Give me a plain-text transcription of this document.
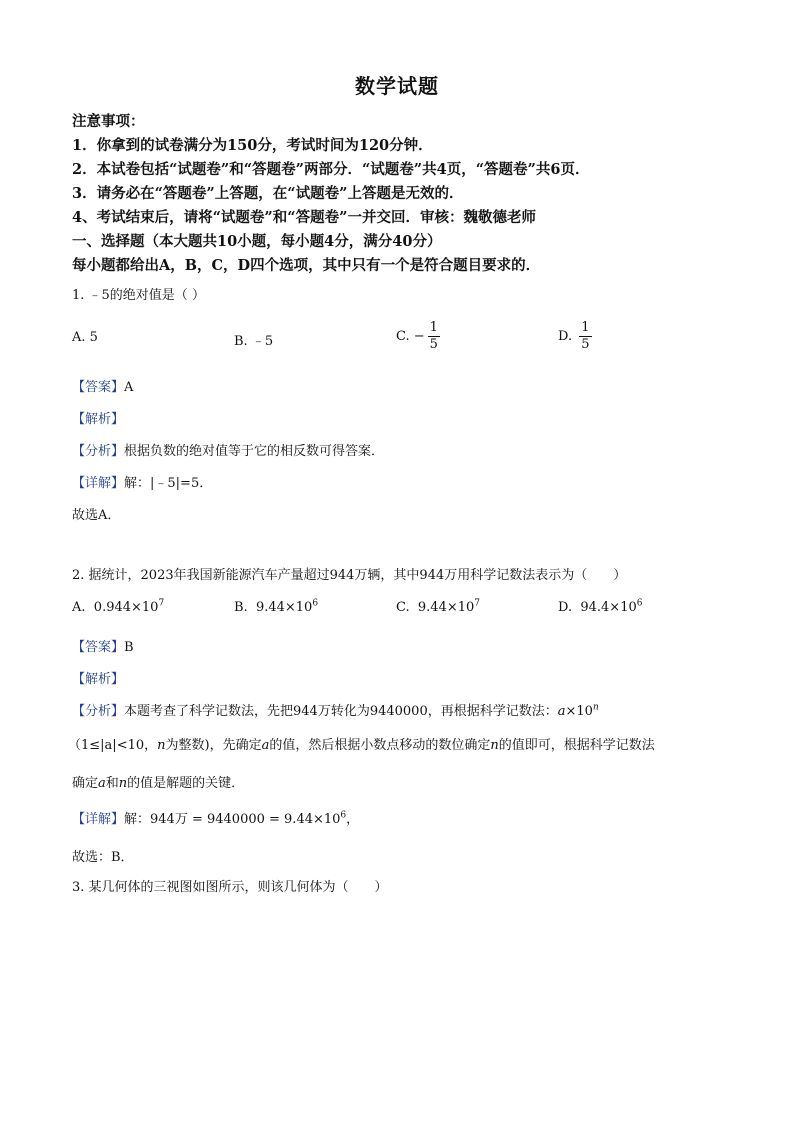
数学试题
注意事项：
1．你拿到的试卷满分为150分，考试时间为120分钟．
2．本试卷包括“试题卷”和“答题卷”两部分．“试题卷”共4页，“答题卷”共6页．
3．请务必在“答题卷”上答题，在“试题卷”上答题是无效的．
4、考试结束后，请将“试题卷”和“答题卷”一并交回．审核：魏敬德老师
一、选择题（本大题共10小题，每小题4分，满分40分）
每小题都给出A，B，C，D四个选项，其中只有一个是符合题目要求的．
1. ﹣5的绝对值是（ ）
A. 5	B. ﹣5	C. − $\frac{1}{5}$	D. $\frac{1}{5}$
【答案】A
【解析】
【分析】根据负数的绝对值等于它的相反数可得答案．
【详解】解：|﹣5|=5．
故选A．
2. 据统计，2023年我国新能源汽车产量超过944万辆，其中944万用科学记数法表示为（　　）
A. $0.944\times 10^7$	B. $9.44\times 10^6$	C. $9.44\times 10^7$	D. $94.4\times 10^6$
【答案】B
【解析】
【分析】本题考查了科学记数法，先把944万转化为9440000，再根据科学记数法：$a\times 10^n$
（1≤|a|<10，n为整数)，先确定a的值，然后根据小数点移动的数位确定n的值即可，根据科学记数法
确定a和n的值是解题的关键．
【详解】解：944万 = $9440000 = 9.44\times 10^6$，
故选：B．
3. 某几何体的三视图如图所示，则该几何体为（　　）
